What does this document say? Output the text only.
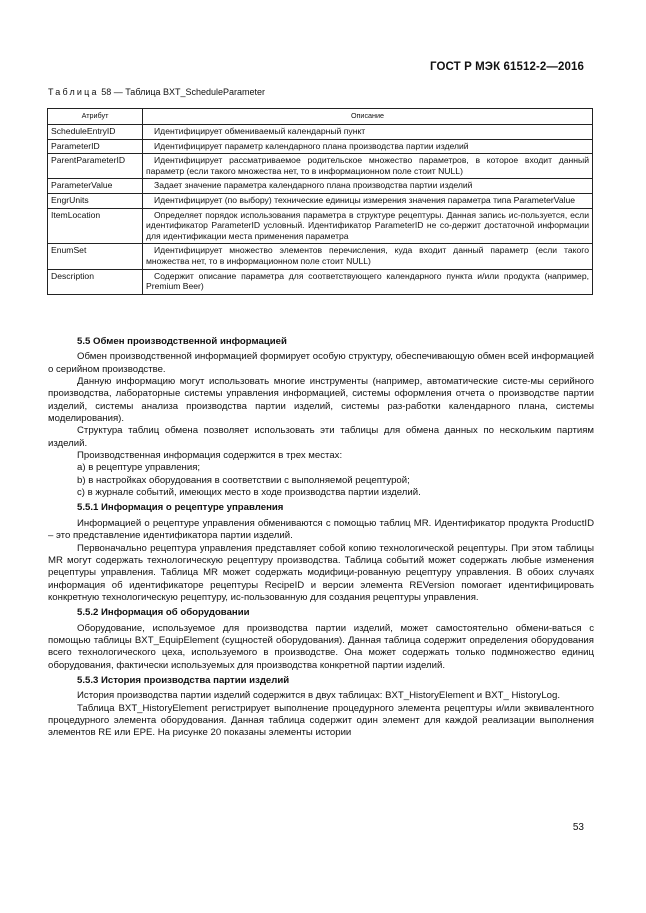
ГОСТ Р МЭК 61512-2—2016
Таблица 58 — Таблица BXT_ScheduleParameter
Атрибут	Описание
ScheduleEntryID	Идентифицирует обмениваемый календарный пункт
ParameterID	Идентифицирует параметр календарного плана производства партии изделий
ParentParameterID	Идентифицирует рассматриваемое родительское множество параметров, в которое входит данный параметр (если такого множества нет, то в информационном поле стоит NULL)
ParameterValue	Задает значение параметра календарного плана производства партии изделий
EngrUnits	Идентифицирует (по выбору) технические единицы измерения значения параметра типа ParameterValue
ItemLocation	Определяет порядок использования параметра в структуре рецептуры. Данная запись ис-пользуется, если идентификатор ParameterID условный. Идентификатор ParameterID не со-держит достаточной информации для идентификации места применения параметра
EnumSet	Идентифицирует множество элементов перечисления, куда входит данный параметр (если такого множества нет, то в информационном поле стоит NULL)
Description	Содержит описание параметра для соответствующего календарного пункта и/или продукта (например, Premium Beer)
5.5 Обмен производственной информацией

Обмен производственной информацией формирует особую структуру, обеспечивающую обмен всей информацией о серийном производстве.

Данную информацию могут использовать многие инструменты (например, автоматические систе-мы серийного производства, лабораторные системы управления информацией, системы оформления отчета о производстве партии изделий, системы анализа производства партии изделий, системы раз-работки календарного плана, системы моделирования).

Структура таблиц обмена позволяет использовать эти таблицы для обмена данных по нескольким партиям изделий.

Производственная информация содержится в трех местах:

a) в рецептуре управления;

b) в настройках оборудования в соответствии с выполняемой рецептурой;

c) в журнале событий, имеющих место в ходе производства партии изделий.

5.5.1 Информация о рецептуре управления

Информацией о рецептуре управления обмениваются с помощью таблиц MR. Идентификатор продукта ProductID – это представление идентификатора партии изделий.

Первоначально рецептура управления представляет собой копию технологической рецептуры. При этом таблицы MR могут содержать технологическую рецептуру производства. Таблица событий может содержать любые изменения рецептуры управления. Таблица MR может содержать модифици-рованную рецептуру управления. В обоих случаях информация об идентификаторе рецептуры RecipeID и версии элемента REVersion помогает идентифицировать конкретную технологическую рецептуру, ис-пользованную для создания рецептуры управления.

5.5.2 Информация об оборудовании

Оборудование, используемое для производства партии изделий, может самостоятельно обмени-ваться с помощью таблицы BXT_EquipElement (сущностей оборудования). Данная таблица содержит определения оборудования всего технологического цеха, используемого в производстве. Она может содержать только подмножество единиц оборудования, фактически используемых для производства конкретной партии изделий.

5.5.3 История производства партии изделий

История производства партии изделий содержится в двух таблицах: BXT_HistoryElement и BXT_ HistoryLog.

Таблица BXT_HistoryElement регистрирует выполнение процедурного элемента рецептуры и/или эквивалентного процедурного элемента оборудования. Данная таблица содержит один элемент для каждой реализации выполнения элементов RE или EPE. На рисунке 20 показаны элементы истории

53
